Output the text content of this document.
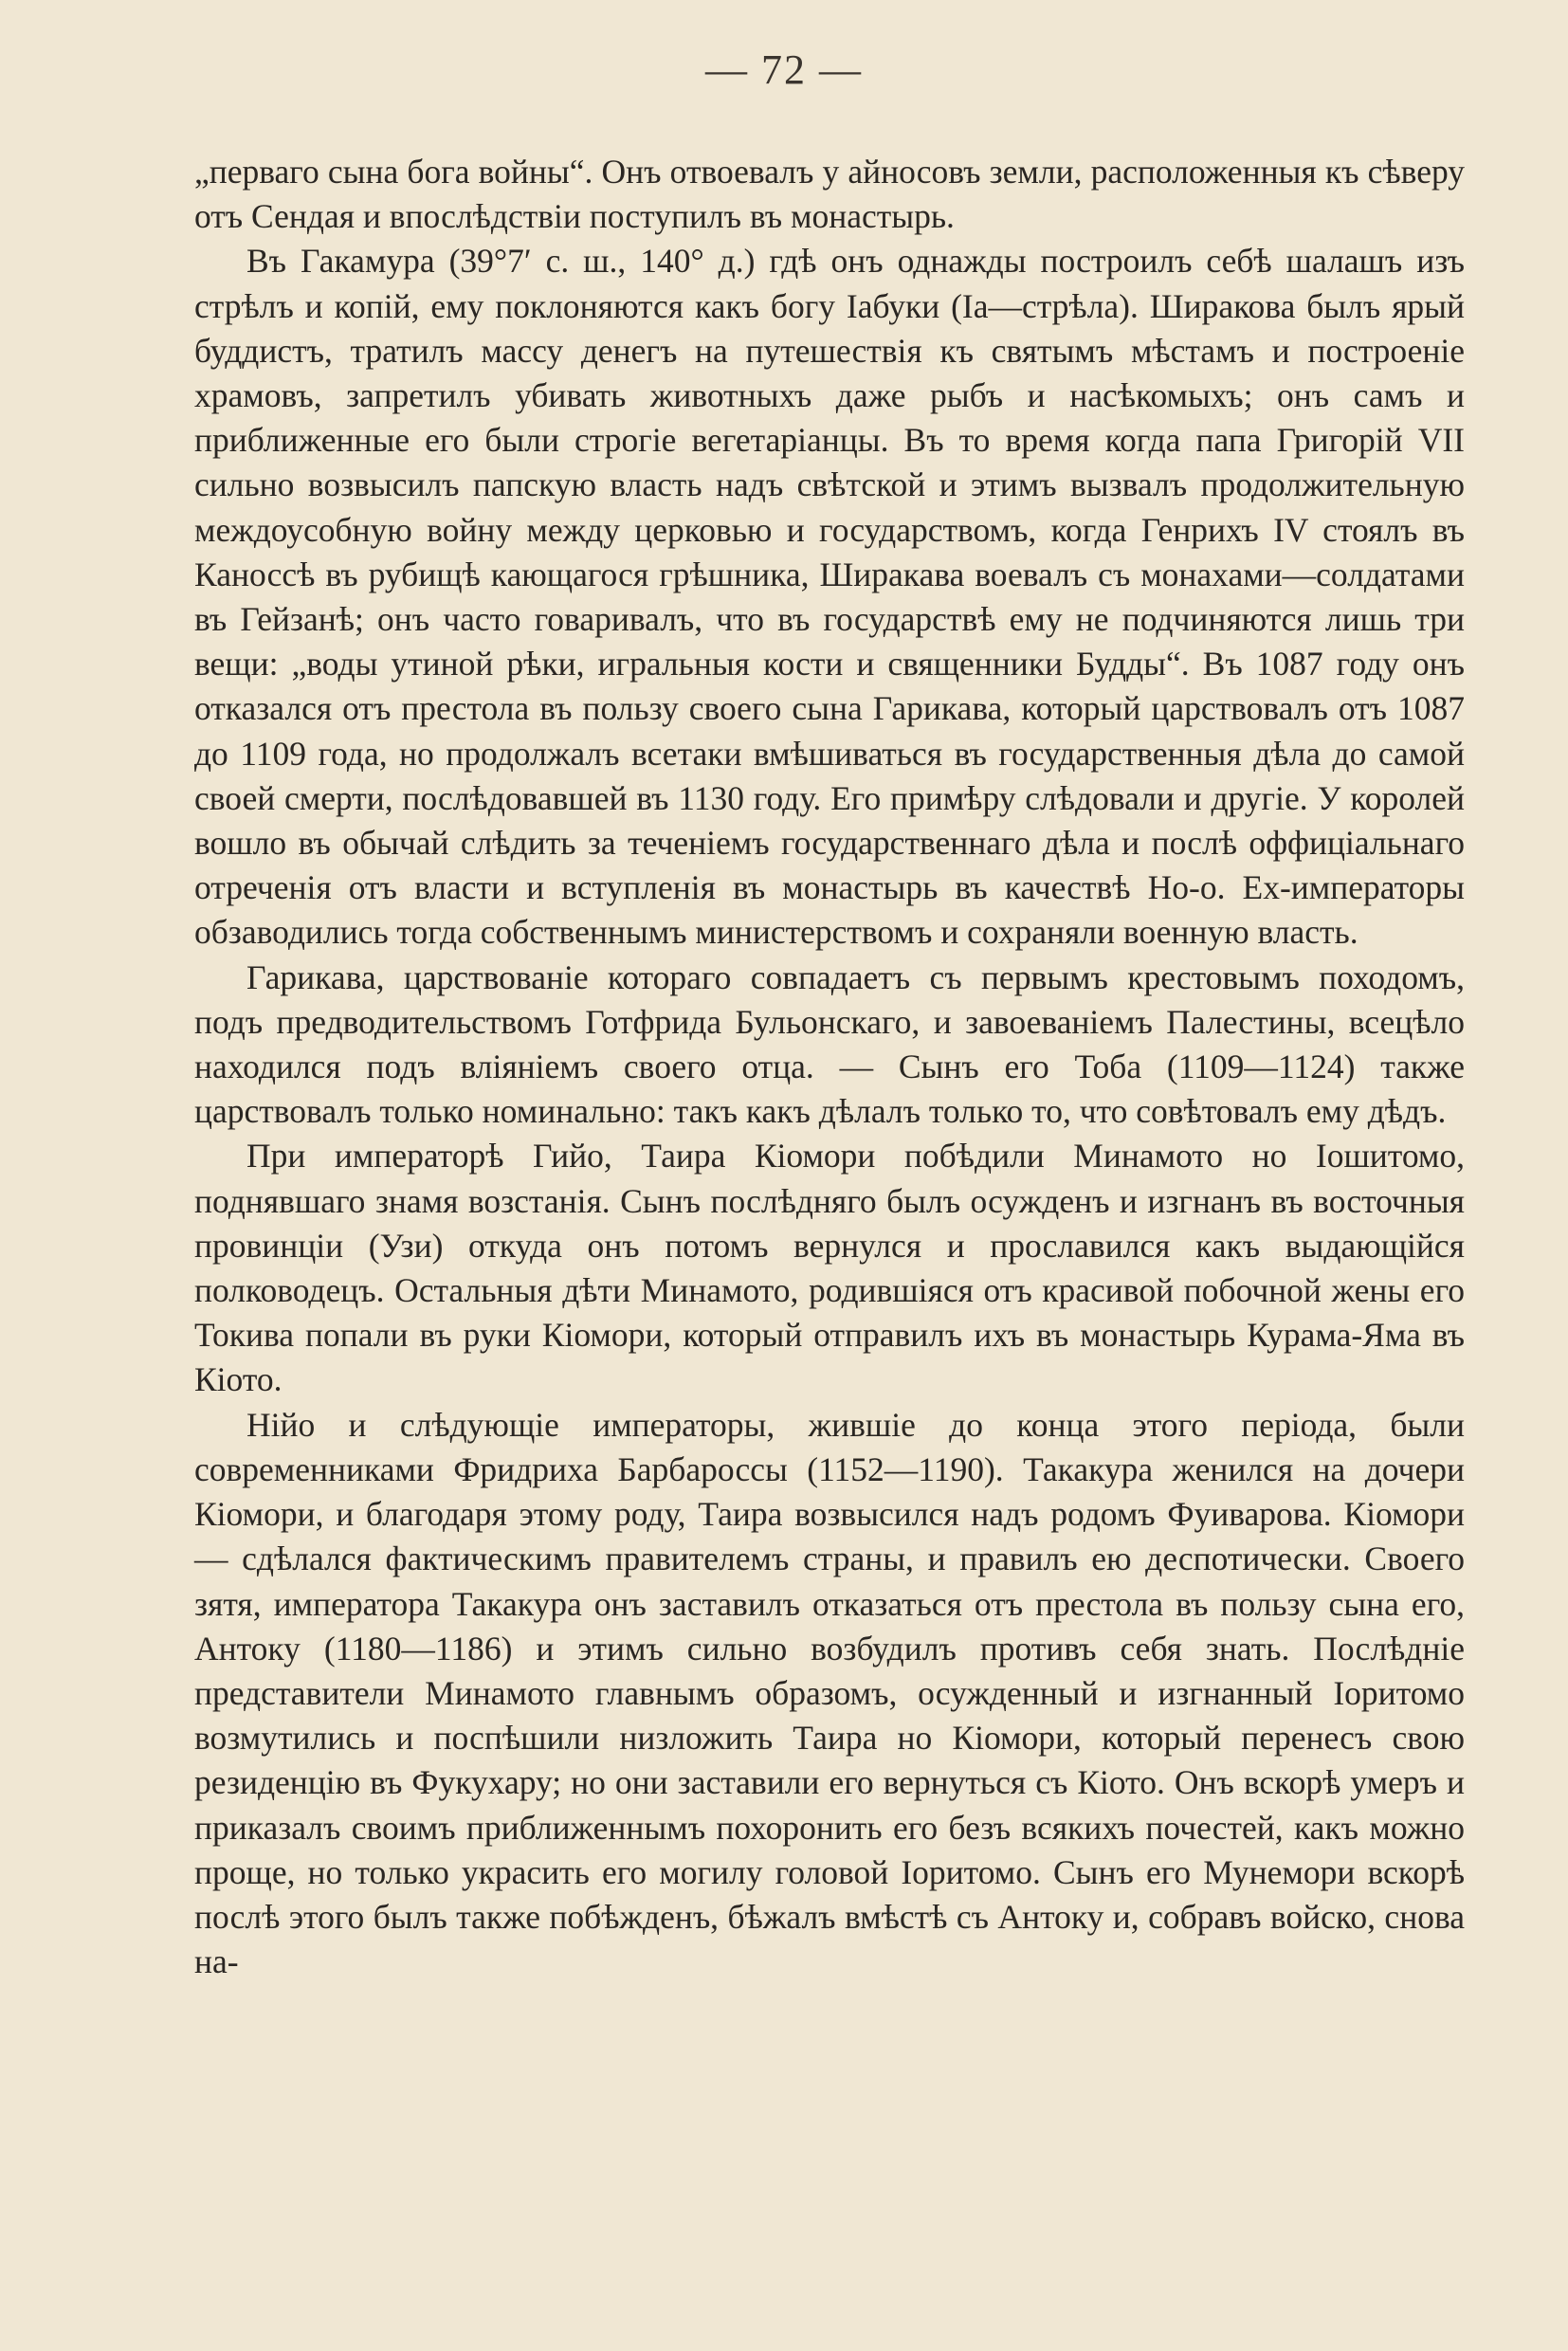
— 72 —

„перваго сына бога войны“. Онъ отвоевалъ у айносовъ земли, расположенныя къ сѣверу отъ Сендая и впослѣдствіи поступилъ въ монастырь.

Въ Гакамура (39°7′ с. ш., 140° д.) гдѣ онъ однажды построилъ себѣ шалашъ изъ стрѣлъ и копій, ему поклоняются какъ богу Іабуки (Іа—стрѣла). Ширакова былъ ярый буддистъ, тратилъ массу денегъ на путешествія къ святымъ мѣстамъ и построеніе храмовъ, запретилъ убивать животныхъ даже рыбъ и насѣкомыхъ; онъ самъ и приближенные его были строгіе вегетаріанцы. Въ то время когда папа Григорій VII сильно возвысилъ папскую власть надъ свѣтской и этимъ вызвалъ продолжительную междоусобную войну между церковью и государствомъ, когда Генрихъ IV стоялъ въ Каноссѣ въ рубищѣ кающагося грѣшника, Ширакава воевалъ съ монахами—солдатами въ Гейзанѣ; онъ часто говаривалъ, что въ государствѣ ему не подчиняются лишь три вещи: „воды утиной рѣки, игральныя кости и священники Будды“. Въ 1087 году онъ отказался отъ престола въ пользу своего сына Гарикава, который царствовалъ отъ 1087 до 1109 года, но продолжалъ всетаки вмѣшиваться въ государственныя дѣла до самой своей смерти, послѣдовавшей въ 1130 году. Его примѣру слѣдовали и другіе. У королей вошло въ обычай слѣдить за теченіемъ государственнаго дѣла и послѣ оффиціальнаго отреченія отъ власти и вступленія въ монастырь въ качествѣ Но-о. Ех-императоры обзаводились тогда собственнымъ министерствомъ и сохраняли военную власть.

Гарикава, царствованіе котораго совпадаетъ съ первымъ крестовымъ походомъ, подъ предводительствомъ Готфрида Бульонскаго, и завоеваніемъ Палестины, всецѣло находился подъ вліяніемъ своего отца. — Сынъ его Тоба (1109—1124) также царствовалъ только номинально: такъ какъ дѣлалъ только то, что совѣтовалъ ему дѣдъ.

При императорѣ Гийо, Таира Кіомори побѣдили Минамото но Іошитомо, поднявшаго знамя возстанія. Сынъ послѣдняго былъ осужденъ и изгнанъ въ восточныя провинціи (Узи) откуда онъ потомъ вернулся и прославился какъ выдающійся полководецъ. Остальныя дѣти Минамото, родившіяся отъ красивой побочной жены его Токива попали въ руки Кіомори, который отправилъ ихъ въ монастырь Курама-Яма въ Кіото.

Нійо и слѣдующіе императоры, жившіе до конца этого періода, были современниками Фридриха Барбароссы (1152—1190). Такакура женился на дочери Кіомори, и благодаря этому роду, Таира возвысился надъ родомъ Фуиварова. Кіомори — сдѣлался фактическимъ правителемъ страны, и правилъ ею деспотически. Своего зятя, императора Такакура онъ заставилъ отказаться отъ престола въ пользу сына его, Антоку (1180—1186) и этимъ сильно возбудилъ противъ себя знать. Послѣдніе представители Минамото главнымъ образомъ, осужденный и изгнанный Іоритомо возмутились и поспѣшили низложить Таира но Кіомори, который перенесъ свою резиденцію въ Фукухару; но они заставили его вернуться съ Кіото. Онъ вскорѣ умеръ и приказалъ своимъ приближеннымъ похоронить его безъ всякихъ почестей, какъ можно проще, но только украсить его могилу головой Іоритомо. Сынъ его Мунемори вскорѣ послѣ этого былъ также побѣжденъ, бѣжалъ вмѣстѣ съ Антоку и, собравъ войско, снова на-
